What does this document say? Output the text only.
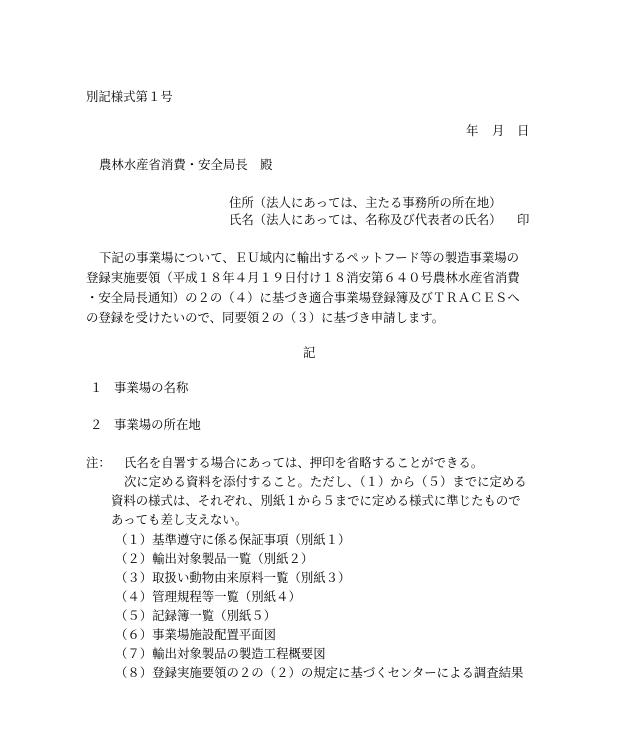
別記様式第１号
年 月 日
農林水産省消費・安全局長　殿
住所（法人にあっては、主たる事務所の所在地）
氏名（法人にあっては、名称及び代表者の氏名） 印
下記の事業場について、ＥＵ域内に輸出するペットフード等の製造事業場の
登録実施要領（平成１８年４月１９日付け１８消安第６４０号農林水産省消費
・安全局長通知）の２の（４）に基づき適合事業場登録簿及びＴＲＡＣＥＳへ
の登録を受けたいので、同要領２の（３）に基づき申請します。
記
１ 事業場の名称
２ 事業場の所在地
注： 氏名を自署する場合にあっては、押印を省略することができる。
次に定める資料を添付すること。ただし、（１）から（５）までに定める
資料の様式は、それぞれ、別紙１から５までに定める様式に準じたもので
あっても差し支えない。
（１）基準遵守に係る保証事項（別紙１）
（２）輸出対象製品一覧（別紙２）
（３）取扱い動物由来原料一覧（別紙３）
（４）管理規程等一覧（別紙４）
（５）記録簿一覧（別紙５）
（６）事業場施設配置平面図
（７）輸出対象製品の製造工程概要図
（８）登録実施要領の２の（２）の規定に基づくセンターによる調査結果
